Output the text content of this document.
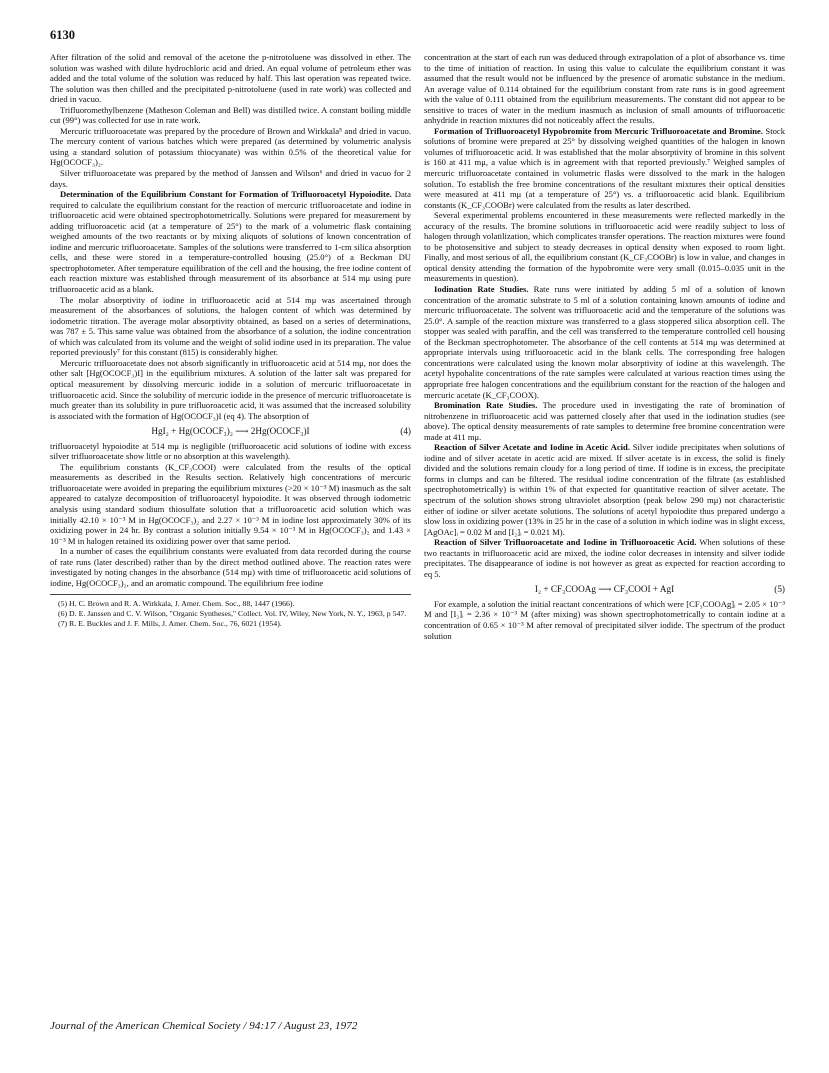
6130

After filtration of the solid and removal of the acetone the p-nitrotoluene was dissolved in ether. The solution was washed with dilute hydrochloric acid and dried. An equal volume of petroleum ether was added and the total volume of the solution was reduced by half. This last operation was repeated twice. The solution was then chilled and the precipitated p-nitrotoluene (used in rate work) was collected and dried in vacuo.

Trifluoromethylbenzene (Matheson Coleman and Bell) was distilled twice. A constant boiling middle cut (99°) was collected for use in rate work.

Mercuric trifluoroacetate was prepared by the procedure of Brown and Wirkkala⁵ and dried in vacuo. The mercury content of various batches which were prepared (as determined by volumetric analysis using a standard solution of potassium thiocyanate) was within 0.5% of the theoretical value for Hg(OCOCF₃)₂.

Silver trifluoroacetate was prepared by the method of Janssen and Wilson⁶ and dried in vacuo for 2 days.

Determination of the Equilibrium Constant for Formation of Trifluoroacetyl Hypoiodite. Data required to calculate the equilibrium constant for the reaction of mercuric trifluoroacetate and iodine in trifluoroacetic acid were obtained spectrophotometrically. Solutions were prepared for measurement by adding trifluoroacetic acid (at a temperature of 25°) to the mark of a volumetric flask containing weighed amounts of the two reactants or by mixing aliquots of solutions of known concentration of iodine and mercuric trifluoroacetate. Samples of the solutions were transferred to 1-cm silica absorption cells, and these were stored in a temperature-controlled housing (25.0°) of a Beckman DU spectrophotometer. After temperature equilibration of the cell and the housing, the free iodine content of each reaction mixture was established through measurement of its absorbance at 514 mμ using pure trifluoroacetic acid as a blank.

The molar absorptivity of iodine in trifluoroacetic acid at 514 mμ was ascertained through measurement of the absorbances of solutions, the halogen content of which was determined by iodometric titration. The average molar absorptivity obtained, as based on a series of determinations, was 787 ± 5. This same value was obtained from the absorbance of a solution, the iodine concentration of which was calculated from its volume and the weight of solid iodine used in its preparation. The value reported previously⁷ for this constant (815) is considerably higher.

Mercuric trifluoroacetate does not absorb significantly in trifluoroacetic acid at 514 mμ, nor does the other salt [Hg(OCOCF₃)I] in the equilibrium mixtures. A solution of the latter salt was prepared for optical measurement by dissolving mercuric iodide in a solution of mercuric trifluoroacetate in trifluoroacetic acid. Since the solubility of mercuric iodide in the presence of mercuric trifluoroacetate is much greater than its solubility in pure trifluoroacetic acid, it was assumed that the increased solubility is associated with the formation of Hg(OCOCF₃)I (eq 4). The absorption of

HgI₂ + Hg(OCOCF₃)₂ ⟶ 2Hg(OCOCF₃)I	(4)

trifluoroacetyl hypoiodite at 514 mμ is negligible (trifluoroacetic acid solutions of iodine with excess silver trifluoroacetate show little or no absorption at this wavelength).

The equilibrium constants (K_CF₃COOI) were calculated from the results of the optical measurements as described in the Results section. Relatively high concentrations of mercuric trifluoroacetate were avoided in preparing the equilibrium mixtures (>20 × 10⁻³ M) inasmuch as the salt appeared to catalyze decomposition of trifluoroacetyl hypoiodite. It was observed through iodometric analysis using standard sodium thiosulfate solution that a trifluoroacetic acid solution which was initially 42.10 × 10⁻³ M in Hg(OCOCF₃)₂ and 2.27 × 10⁻³ M in iodine lost approximately 30% of its oxidizing power in 24 hr. By contrast a solution initially 9.54 × 10⁻³ M in Hg(OCOCF₃)₂ and 1.43 × 10⁻³ M in halogen retained its oxidizing power over that same period.

In a number of cases the equilibrium constants were evaluated from data recorded during the course of rate runs (later described) rather than by the direct method outlined above. The reaction rates were investigated by noting changes in the absorbance (514 mμ) with time of trifluoroacetic acid solutions of iodine, Hg(OCOCF₃)₂, and an aromatic compound. The equilibrium free iodine

(5) H. C. Brown and R. A. Wirkkala, J. Amer. Chem. Soc., 88, 1447 (1966).

(6) D. E. Janssen and C. V. Wilson, "Organic Syntheses," Collect. Vol. IV, Wiley, New York, N. Y., 1963, p 547.

(7) R. E. Buckles and J. F. Mills, J. Amer. Chem. Soc., 76, 6021 (1954).

concentration at the start of each run was deduced through extrapolation of a plot of absorbance vs. time to the time of initiation of reaction. In using this value to calculate the equilibrium constant it was assumed that the result would not be influenced by the presence of aromatic substance in the medium. An average value of 0.114 obtained for the equilibrium constant from rate runs is in good agreement with the value of 0.111 obtained from the equilibrium measurements. The constant did not appear to be sensitive to traces of water in the medium inasmuch as inclusion of small amounts of trifluoroacetic anhydride in reaction mixtures did not noticeably affect the results.

Formation of Trifluoroacetyl Hypobromite from Mercuric Trifluoroacetate and Bromine. Stock solutions of bromine were prepared at 25° by dissolving weighed quantities of the halogen in known volumes of trifluoroacetic acid. It was established that the molar absorptivity of bromine in this solvent is 160 at 411 mμ, a value which is in agreement with that reported previously.⁷ Weighed samples of mercuric trifluoroacetate contained in volumetric flasks were dissolved to the mark in the halogen solution. To establish the free bromine concentrations of the resultant mixtures their optical densities were measured at 411 mμ (at a temperature of 25°) vs. a trifluoroacetic acid blank. Equilibrium constants (K_CF₃COOBr) were calculated from the results as later described.

Several experimental problems encountered in these measurements were reflected markedly in the accuracy of the results. The bromine solutions in trifluoroacetic acid were readily subject to loss of halogen through volatilization, which complicates transfer operations. The reaction mixtures were found to be photosensitive and subject to steady decreases in optical density when exposed to room light. Finally, and most serious of all, the equilibrium constant (K_CF₃COOBr) is low in value, and changes in optical density attending the formation of the hypobromite were very small (0.015–0.035 unit in the measurements in question).

Iodination Rate Studies. Rate runs were initiated by adding 5 ml of a solution of known concentration of the aromatic substrate to 5 ml of a solution containing known amounts of iodine and mercuric trifluoroacetate. The solvent was trifluoroacetic acid and the temperature of the solutions was 25.0°. A sample of the reaction mixture was transferred to a glass stoppered silica absorption cell. The stopper was sealed with paraffin, and the cell was transferred to the temperature controlled cell housing of the Beckman spectrophotometer. The absorbance of the cell contents at 514 mμ was determined at appropriate intervals using trifluoroacetic acid in the blank cells. The corresponding free halogen concentrations were calculated using the known molar absorptivity of iodine at this wavelength. The acetyl hypohalite concentrations of the rate samples were calculated at various reaction times using the appropriate free halogen concentrations and the equilibrium constant for the reaction of the halogen and mercuric acetate (K_CF₃COOX).

Bromination Rate Studies. The procedure used in investigating the rate of bromination of nitrobenzene in trifluoroacetic acid was patterned closely after that used in the iodination studies (see above). The optical density measurements of rate samples to determine free bromine concentration were made at 411 mμ.

Reaction of Silver Acetate and Iodine in Acetic Acid. Silver iodide precipitates when solutions of iodine and of silver acetate in acetic acid are mixed. If silver acetate is in excess, the solid is finely divided and the solutions remain cloudy for a long period of time. If iodine is in excess, the precipitate forms in clumps and can be filtered. The residual iodine concentration of the filtrate (as established spectrophotometrically) is within 1% of that expected for quantitative reaction of silver acetate. The spectrum of the solution shows strong ultraviolet absorption (peak below 290 mμ) not characteristic either of iodine or silver acetate solutions. The solutions of acetyl hypoiodite thus prepared undergo a slow loss in oxidizing power (13% in 25 hr in the case of a solution in which iodine was in slight excess, [AgOAc]ᵢ = 0.02 M and [I₂]ᵢ = 0.021 M).

Reaction of Silver Trifluoroacetate and Iodine in Trifluoroacetic Acid. When solutions of these two reactants in trifluoroacetic acid are mixed, the iodine color decreases in intensity and silver iodide precipitates. The disappearance of iodine is not however as great as expected for reaction according to eq 5.

I₂ + CF₃COOAg ⟶ CF₃COOI + AgI	(5)

For example, a solution the initial reactant concentrations of which were [CF₃COOAg]ᵢ = 2.05 × 10⁻³ M and [I₂]ᵢ = 2.36 × 10⁻³ M (after mixing) was shown spectrophotometrically to contain iodine at a concentration of 0.65 × 10⁻³ M after removal of precipitated silver iodide. The spectrum of the product solution

Journal of the American Chemical Society / 94:17 / August 23, 1972
